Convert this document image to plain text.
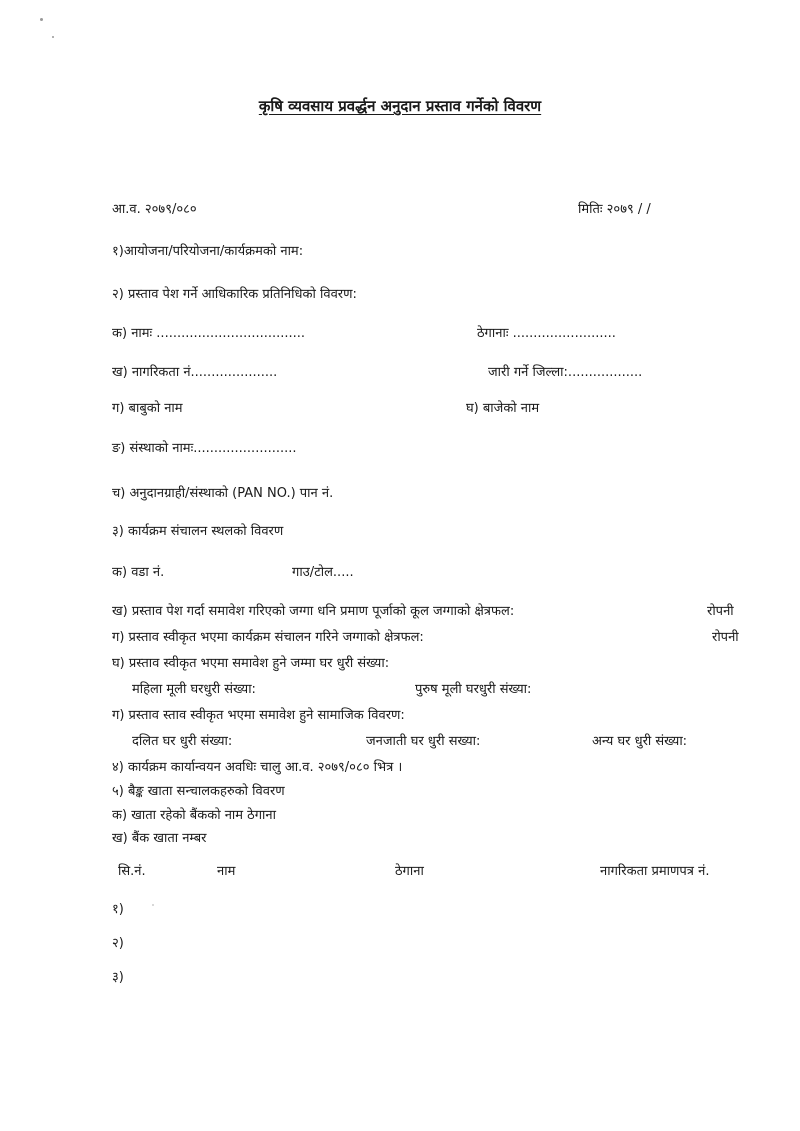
कृषि व्यवसाय प्रवर्द्धन अनुदान प्रस्ताव गर्नेको विवरण
आ.व. २०७९/०८०	मितिः २०७९ / /
१)आयोजना/परियोजना/कार्यक्रमको नाम:
२) प्रस्ताव पेश गर्ने आधिकारिक प्रतिनिधिको विवरण:
क) नामः ....................................	ठेगानाः .........................
ख) नागरिकता नं.....................	जारी गर्ने जिल्ला:..................
ग) बाबुको नाम	घ) बाजेको नाम
ङ) संस्थाको नामः.........................
च) अनुदानग्राही/संस्थाको (PAN NO.) पान नं.
३) कार्यक्रम संचालन स्थलको विवरण
क) वडा नं.	गाउ/टोल.....
ख) प्रस्ताव पेश गर्दा समावेश गरिएको जग्गा धनि प्रमाण पूर्जाको कूल जग्गाको क्षेत्रफल:	रोपनी
ग) प्रस्ताव स्वीकृत भएमा कार्यक्रम संचालन गरिने जग्गाको क्षेत्रफल:	रोपनी
घ) प्रस्ताव स्वीकृत भएमा समावेश हुने जम्मा घर धुरी संख्या:
महिला मूली घरधुरी संख्या:	पुरुष मूली घरधुरी संख्या:
ग) प्रस्ताव स्ताव स्वीकृत भएमा समावेश हुने सामाजिक विवरण:
दलित घर धुरी संख्या:	जनजाती घर धुरी सख्या:	अन्य घर धुरी संख्या:
४) कार्यक्रम कार्यान्वयन अवधिः चालु आ.व. २०७९/०८० भित्र ।
५) बैङ्क खाता सन्चालकहरुको विवरण
क) खाता रहेको बैंकको नाम ठेगाना
ख) बैंक खाता नम्बर
सि.नं.	नाम	ठेगाना	नागरिकता प्रमाणपत्र नं.
१)
२)
३)
